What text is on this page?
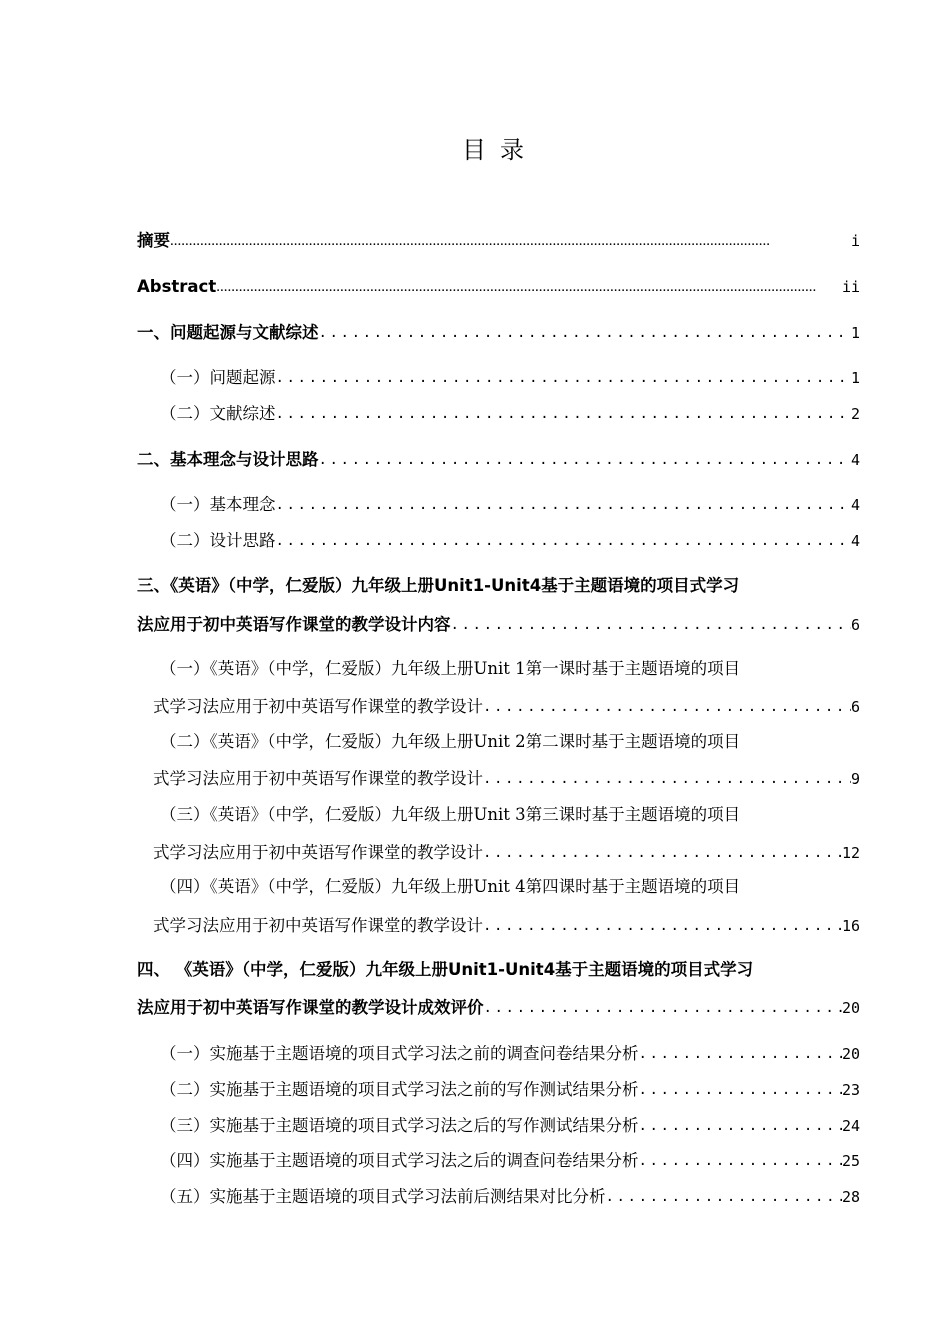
目录
摘要 .....	i
Abstract .....	ii
一、问题起源与文献综述 .....	1
（一）问题起源 .....	1
（二）文献综述 .....	2
二、基本理念与设计思路 .....	4
（一）基本理念 .....	4
（二）设计思路 .....	4
三、《英语》（中学，仁爱版）九年级上册Unit1-Unit4基于主题语境的项目式学习
法应用于初中英语写作课堂的教学设计内容 .....	6
（一）《英语》（中学，仁爱版）九年级上册Unit 1第一课时基于主题语境的项目
式学习法应用于初中英语写作课堂的教学设计 .....	6
（二）《英语》（中学，仁爱版）九年级上册Unit 2第二课时基于主题语境的项目
式学习法应用于初中英语写作课堂的教学设计 .....	9
（三）《英语》（中学，仁爱版）九年级上册Unit 3第三课时基于主题语境的项目
式学习法应用于初中英语写作课堂的教学设计 .....	12
（四）《英语》（中学，仁爱版）九年级上册Unit 4第四课时基于主题语境的项目
式学习法应用于初中英语写作课堂的教学设计 .....	16
四、 《英语》（中学，仁爱版）九年级上册Unit1-Unit4基于主题语境的项目式学习
法应用于初中英语写作课堂的教学设计成效评价 .....	20
（一）实施基于主题语境的项目式学习法之前的调查问卷结果分析 .....	20
（二）实施基于主题语境的项目式学习法之前的写作测试结果分析 .....	23
（三）实施基于主题语境的项目式学习法之后的写作测试结果分析 .....	24
（四）实施基于主题语境的项目式学习法之后的调查问卷结果分析 .....	25
（五）实施基于主题语境的项目式学习法前后测结果对比分析 .....	28
